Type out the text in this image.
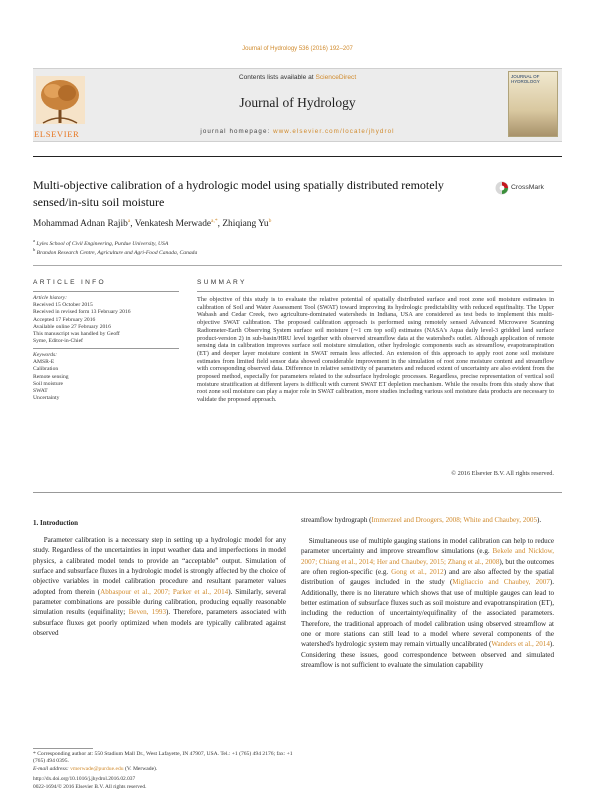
Journal of Hydrology 536 (2016) 192–207
ELSEVIER
JOURNAL OF HYDROLOGY
Contents lists available at ScienceDirect
Journal of Hydrology
journal homepage: www.elsevier.com/locate/jhydrol
Multi-objective calibration of a hydrologic model using spatially distributed remotely sensed/in-situ soil moisture
CrossMark
Mohammad Adnan Rajib$^a$, Venkatesh Merwade$^{a,*}$, Zhiqiang Yu$^b$
$^a$ Lyles School of Civil Engineering, Purdue University, USA
$^b$ Brandon Research Centre, Agriculture and Agri-Food Canada, Canada
ARTICLE INFO
Article history:
Received 15 October 2015
Received in revised form 13 February 2016
Accepted 17 February 2016
Available online 27 February 2016
This manuscript was handled by Geoff
Syme, Editor-in-Chief
Keywords:
AMSR-E
Calibration
Remote sensing
Soil moisture
SWAT
Uncertainty
SUMMARY
The objective of this study is to evaluate the relative potential of spatially distributed surface and root zone soil moisture estimates in calibration of Soil and Water Assessment Tool (SWAT) toward improving its hydrologic predictability with reduced equifinality. The Upper Wabash and Cedar Creek, two agriculture-dominated watersheds in Indiana, USA are considered as test beds to implement this multi-objective SWAT calibration. The proposed calibration approach is performed using remotely sensed Advanced Microwave Scanning Radiometer-Earth Observing System surface soil moisture (∼1 cm top soil) estimates (NASA's Aqua daily level-3 gridded land surface product-version 2) in sub-basin/HRU level together with observed streamflow data at the watershed's outlet. Although application of remote sensing data in calibration improves surface soil moisture simulation, other hydrologic components such as streamflow, evapotranspiration (ET) and deeper layer moisture content in SWAT remain less affected. An extension of this approach to apply root zone soil moisture estimates from limited field sensor data showed considerable improvement in the simulation of root zone moisture content and streamflow with corresponding observed data. Difference in relative sensitivity of parameters and reduced extent of uncertainty are also evident from the proposed method, especially for parameters related to the subsurface hydrologic processes. Regardless, precise representation of vertical soil moisture stratification at different layers is difficult with current SWAT ET depletion mechanism. While the results from this study show that root zone soil moisture can play a major role in SWAT calibration, more studies including various soil moisture data products are necessary to validate the proposed approach.
© 2016 Elsevier B.V. All rights reserved.
1. Introduction
Parameter calibration is a necessary step in setting up a hydrologic model for any study. Regardless of the uncertainties in input weather data and imperfections in model physics, a calibrated model tends to provide an “acceptable” output. Simulation of surface and subsurface fluxes in a hydrologic model is strongly affected by the choice of objective variables in model calibration procedure and resultant parameter values adopted from therein (Abbaspour et al., 2007; Parker et al., 2014). Similarly, several parameter combinations are possible during calibration, producing equally reasonable simulation results (equifinality; Beven, 1993). Therefore, parameters associated with subsurface fluxes get poorly optimized when models are typically calibrated against observed
streamflow hydrograph (Immerzeel and Droogers, 2008; White and Chaubey, 2005).
Simultaneous use of multiple gauging stations in model calibration can help to reduce parameter uncertainty and improve streamflow simulations (e.g. Bekele and Nicklow, 2007; Chiang et al., 2014; Her and Chaubey, 2015; Zhang et al., 2008), but the outcomes are often region-specific (e.g. Gong et al., 2012) and are also affected by the spatial distribution of gauges included in the study (Migliaccio and Chaubey, 2007). Additionally, there is no literature which shows that use of multiple gauges can lead to better estimation of subsurface fluxes such as soil moisture and evapotranspiration (ET), including the reduction of uncertainty/equifinality of the associated parameters. Therefore, the traditional approach of model calibration using observed streamflow at one or more stations can still lead to a model where several components of the watershed's hydrologic system may remain virtually uncalibrated (Wanders et al., 2014). Considering these issues, good correspondence between observed and simulated streamflow is not sufficient to evaluate the simulation capability
* Corresponding author at: 550 Stadium Mall Dr., West Lafayette, IN 47907, USA. Tel.: +1 (765) 494 2176; fax: +1 (765) 494 0395.
E-mail address: vmerwade@purdue.edu (V. Merwade).
http://dx.doi.org/10.1016/j.jhydrol.2016.02.037
0022-1694/© 2016 Elsevier B.V. All rights reserved.
